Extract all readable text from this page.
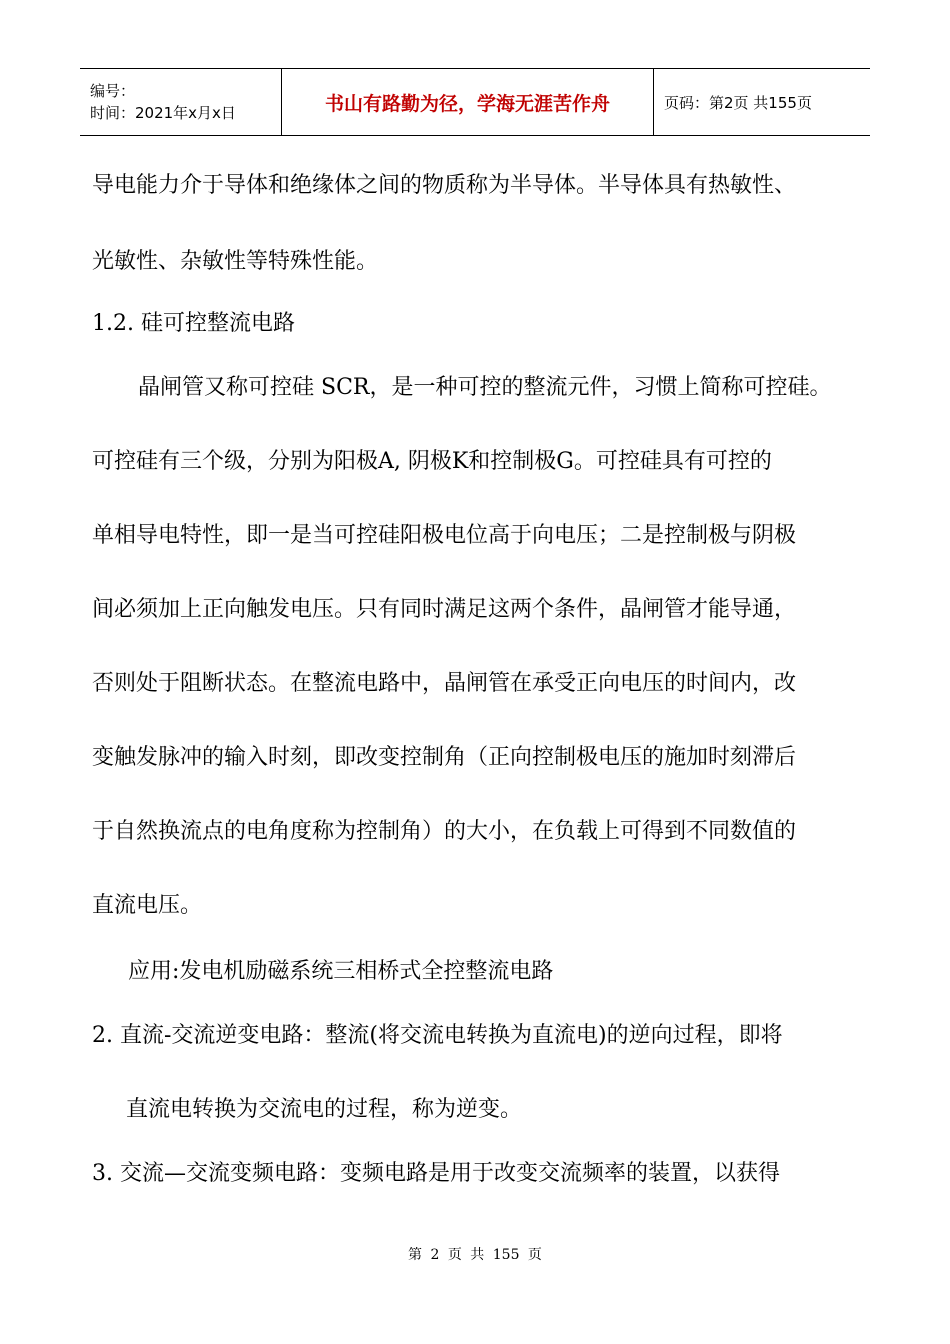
编号：
时间：2021年x月x日	书山有路勤为径，学海无涯苦作舟	页码：第2页 共155页
导电能力介于导体和绝缘体之间的物质称为半导体。半导体具有热敏性、
光敏性、杂敏性等特殊性能。
1.2. 硅可控整流电路
晶闸管又称可控硅 SCR，是一种可控的整流元件，习惯上简称可控硅。
可控硅有三个级，分别为阳极A, 阴极K和控制极G。可控硅具有可控的
单相导电特性，即一是当可控硅阳极电位高于向电压；二是控制极与阴极
间必须加上正向触发电压。只有同时满足这两个条件，晶闸管才能导通，
否则处于阻断状态。在整流电路中，晶闸管在承受正向电压的时间内，改
变触发脉冲的输入时刻，即改变控制角（正向控制极电压的施加时刻滞后
于自然换流点的电角度称为控制角）的大小，在负载上可得到不同数值的
直流电压。
应用:发电机励磁系统三相桥式全控整流电路
2. 直流-交流逆变电路：整流(将交流电转换为直流电)的逆向过程，即将
直流电转换为交流电的过程，称为逆变。
3. 交流—交流变频电路：变频电路是用于改变交流频率的装置，以获得
第 2 页 共 155 页
